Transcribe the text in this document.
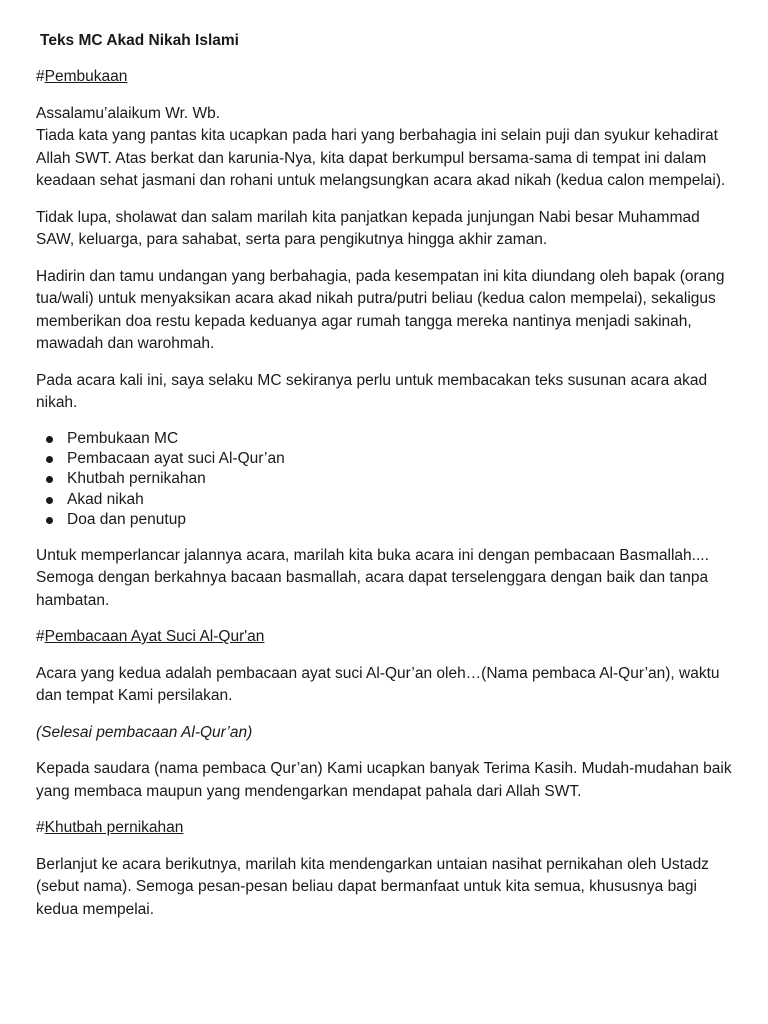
Teks MC Akad Nikah Islami
#Pembukaan

Assalamu’alaikum Wr. Wb.
Tiada kata yang pantas kita ucapkan pada hari yang berbahagia ini selain puji dan syukur kehadirat Allah SWT. Atas berkat dan karunia-Nya, kita dapat berkumpul bersama-sama di tempat ini dalam keadaan sehat jasmani dan rohani untuk melangsungkan acara akad nikah (kedua calon mempelai).

Tidak lupa, sholawat dan salam marilah kita panjatkan kepada junjungan Nabi besar Muhammad SAW, keluarga, para sahabat, serta para pengikutnya hingga akhir zaman.

Hadirin dan tamu undangan yang berbahagia, pada kesempatan ini kita diundang oleh bapak (orang tua/wali) untuk menyaksikan acara akad nikah putra/putri beliau (kedua calon mempelai), sekaligus memberikan doa restu kepada keduanya agar rumah tangga mereka nantinya menjadi sakinah, mawadah dan warohmah.

Pada acara kali ini, saya selaku MC sekiranya perlu untuk membacakan teks susunan acara akad nikah.

Pembukaan MC
Pembacaan ayat suci Al-Qur’an
Khutbah pernikahan
Akad nikah
Doa dan penutup

Untuk memperlancar jalannya acara, marilah kita buka acara ini dengan pembacaan Basmallah.... Semoga dengan berkahnya bacaan basmallah, acara dapat terselenggara dengan baik dan tanpa hambatan.

#Pembacaan Ayat Suci Al-Qur'an

Acara yang kedua adalah pembacaan ayat suci Al-Qur’an oleh…(Nama pembaca Al-Qur’an), waktu dan tempat Kami persilakan.

(Selesai pembacaan Al-Qur’an)

Kepada saudara (nama pembaca Qur’an) Kami ucapkan banyak Terima Kasih. Mudah-mudahan baik yang membaca maupun yang mendengarkan mendapat pahala dari Allah SWT.

#Khutbah pernikahan

Berlanjut ke acara berikutnya, marilah kita mendengarkan untaian nasihat pernikahan oleh Ustadz (sebut nama). Semoga pesan-pesan beliau dapat bermanfaat untuk kita semua, khususnya bagi kedua mempelai.
